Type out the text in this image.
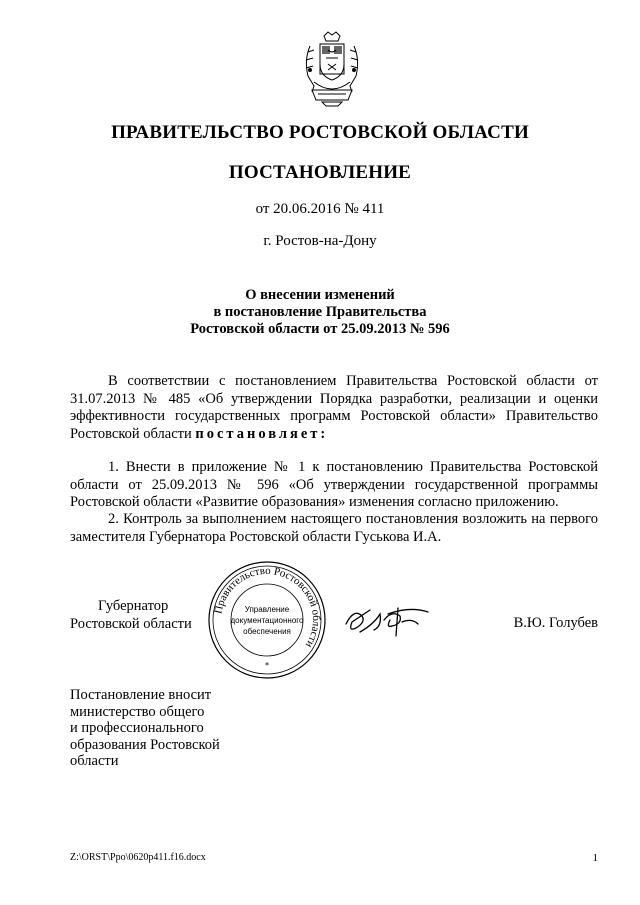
ПРАВИТЕЛЬСТВО РОСТОВСКОЙ ОБЛАСТИ
ПОСТАНОВЛЕНИЕ
от 20.06.2016 № 411
г. Ростов-на-Дону
О внесении изменений
в постановление Правительства
Ростовской области от 25.09.2013 № 596
В соответствии с постановлением Правительства Ростовской области от 31.07.2013 № 485 «Об утверждении Порядка разработки, реализации и оценки эффективности государственных программ Ростовской области» Правительство Ростовской области постановляет:
1. Внести в приложение № 1 к постановлению Правительства Ростовской области от 25.09.2013 № 596 «Об утверждении государственной программы Ростовской области «Развитие образования» изменения согласно приложению.
2. Контроль за выполнением настоящего постановления возложить на первого заместителя Губернатора Ростовской области Гуськова И.А.
Губернатор
Ростовской области
Правительство Ростовской области
Управление
документационного
обеспечения
*
В.Ю. Голубев
Постановление вносит
министерство общего
и профессионального
образования Ростовской
области
Z:\ORST\Ppo\0620p411.f16.docx	1
